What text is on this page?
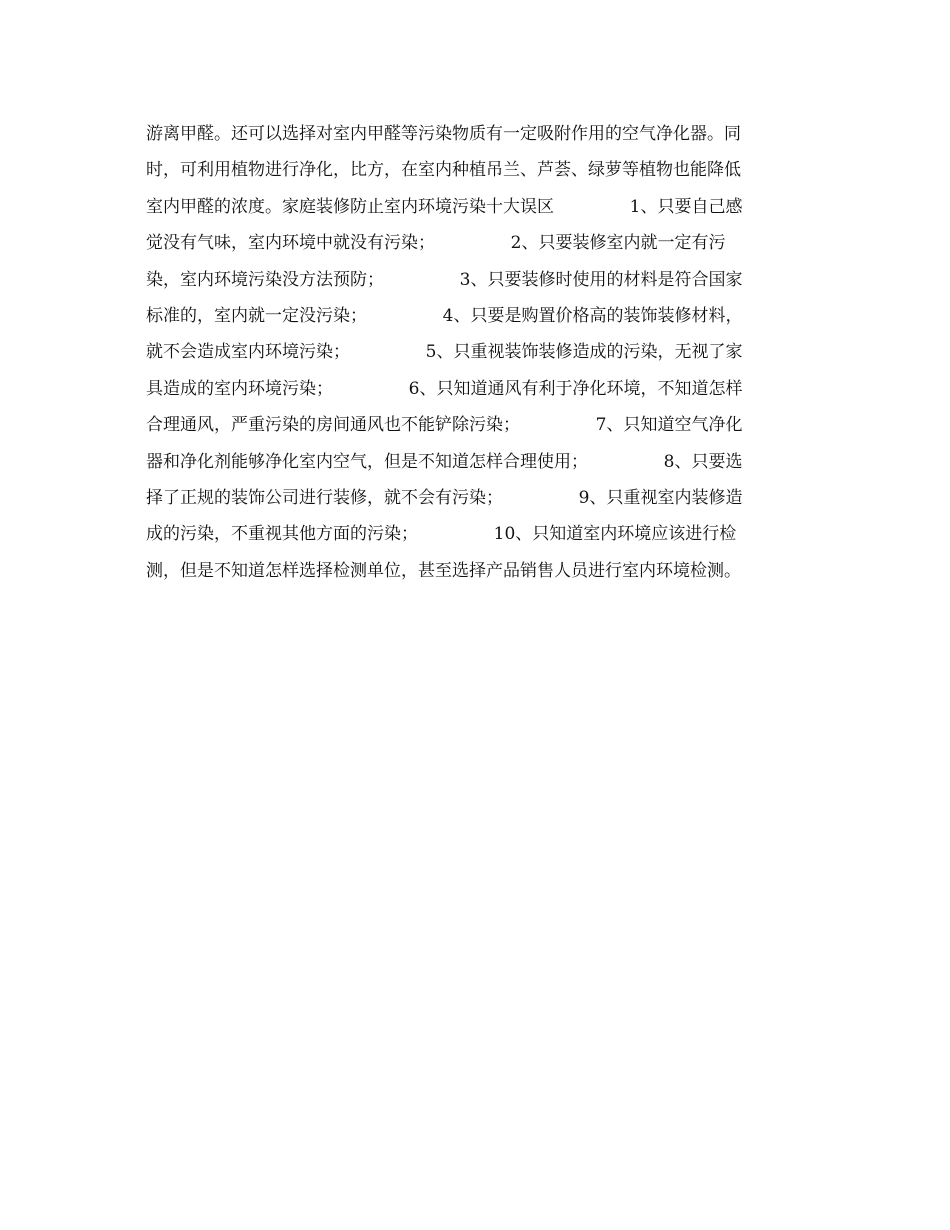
游离甲醛。还可以选择对室内甲醛等污染物质有一定吸附作用的空气净化器。同
时，可利用植物进行净化，比方，在室内种植吊兰、芦荟、绿萝等植物也能降低
室内甲醛的浓度。家庭装修防止室内环境污染十大误区              1、只要自己感
觉没有气味，室内环境中就没有污染；              2、只要装修室内就一定有污
染，室内环境污染没方法预防；              3、只要装修时使用的材料是符合国家
标准的，室内就一定没污染；              4、只要是购置价格高的装饰装修材料，
就不会造成室内环境污染；              5、只重视装饰装修造成的污染，无视了家
具造成的室内环境污染；              6、只知道通风有利于净化环境，不知道怎样
合理通风，严重污染的房间通风也不能铲除污染；              7、只知道空气净化
器和净化剂能够净化室内空气，但是不知道怎样合理使用；              8、只要选
择了正规的装饰公司进行装修，就不会有污染；              9、只重视室内装修造
成的污染，不重视其他方面的污染；              10、只知道室内环境应该进行检
测，但是不知道怎样选择检测单位，甚至选择产品销售人员进行室内环境检测。
